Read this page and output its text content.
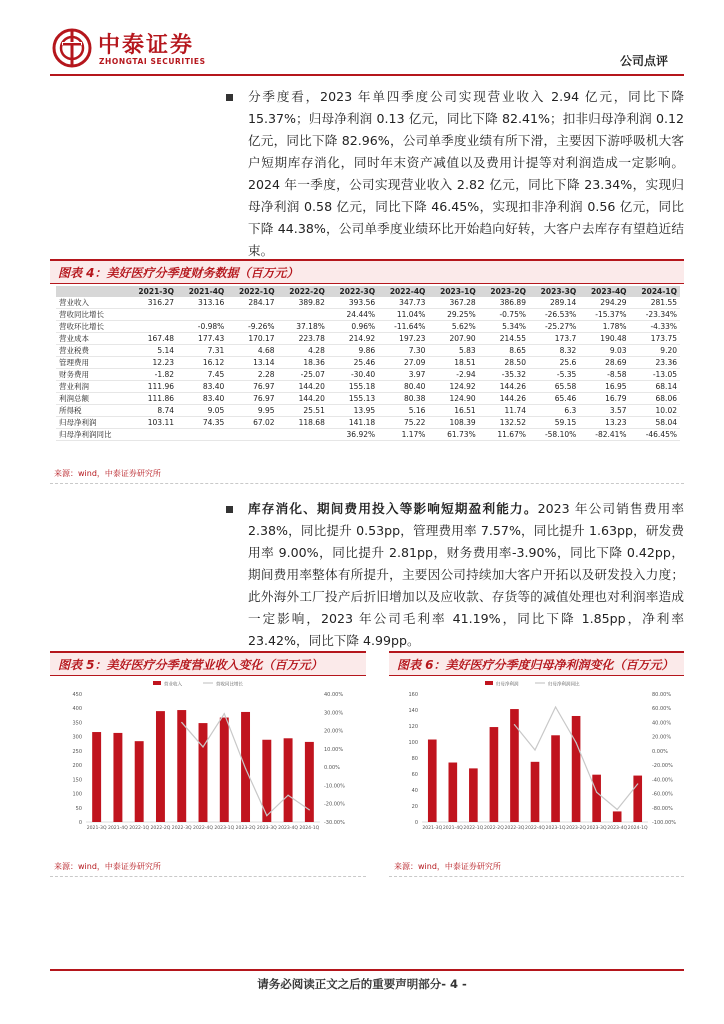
中泰证券
ZHONGTAI SECURITIES	公司点评
分季度看，2023 年单四季度公司实现营业收入 2.94 亿元，同比下降 15.37%；归母净利润 0.13 亿元，同比下降 82.41%；扣非归母净利润 0.12 亿元，同比下降 82.96%，公司单季度业绩有所下滑，主要因下游呼吸机大客户短期库存消化，同时年末资产减值以及费用计提等对利润造成一定影响。2024 年一季度，公司实现营业收入 2.82 亿元，同比下降 23.34%，实现归母净利润 0.58 亿元，同比下降 46.45%，实现扣非净利润 0.56 亿元，同比下降 44.38%，公司单季度业绩环比开始趋向好转，大客户去库存有望趋近结束。
图表 4：美好医疗分季度财务数据（百万元）
	2021-3Q	2021-4Q	2022-1Q	2022-2Q	2022-3Q	2022-4Q	2023-1Q	2023-2Q	2023-3Q	2023-4Q	2024-1Q
营业收入	316.27	313.16	284.17	389.82	393.56	347.73	367.28	386.89	289.14	294.29	281.55
营收同比增长					24.44%	11.04%	29.25%	-0.75%	-26.53%	-15.37%	-23.34%
营收环比增长		-0.98%	-9.26%	37.18%	0.96%	-11.64%	5.62%	5.34%	-25.27%	1.78%	-4.33%
营业成本	167.48	177.43	170.17	223.78	214.92	197.23	207.90	214.55	173.7	190.48	173.75
营业税费	5.14	7.31	4.68	4.28	9.86	7.30	5.83	8.65	8.32	9.03	9.20
管理费用	12.23	16.12	13.14	18.36	25.46	27.09	18.51	28.50	25.6	28.69	23.36
财务费用	-1.82	7.45	2.28	-25.07	-30.40	3.97	-2.94	-35.32	-5.35	-8.58	-13.05
营业利润	111.96	83.40	76.97	144.20	155.18	80.40	124.92	144.26	65.58	16.95	68.14
利润总额	111.86	83.40	76.97	144.20	155.13	80.38	124.90	144.26	65.46	16.79	68.06
所得税	8.74	9.05	9.95	25.51	13.95	5.16	16.51	11.74	6.3	3.57	10.02
归母净利润	103.11	74.35	67.02	118.68	141.18	75.22	108.39	132.52	59.15	13.23	58.04
归母净利润同比					36.92%	1.17%	61.73%	11.67%	-58.10%	-82.41%	-46.45%
来源：wind，中泰证券研究所
库存消化、期间费用投入等影响短期盈利能力。2023 年公司销售费用率 2.38%，同比提升 0.53pp，管理费用率 7.57%，同比提升 1.63pp，研发费用率 9.00%，同比提升 2.81pp，财务费用率-3.90%，同比下降 0.42pp，期间费用率整体有所提升，主要因公司持续加大客户开拓以及研发投入力度；此外海外工厂投产后折旧增加以及应收款、存货等的减值处理也对利润率造成一定影响，2023 年公司毛利率 41.19%，同比下降 1.85pp，净利率 23.42%，同比下降 4.99pp。
图表 5：美好医疗分季度营业收入变化（百万元）
营业收入	营收同比增长
0
50
100
150
200
250
300
350
400
450
-30.00%
-20.00%
-10.00%
0.00%
10.00%
20.00%
30.00%
40.00%
2021-3Q 2021-4Q 2022-1Q 2022-2Q 2022-3Q 2022-4Q 2023-1Q 2023-2Q 2023-3Q 2023-4Q 2024-1Q
来源：wind，中泰证券研究所
图表 6：美好医疗分季度归母净利润变化（百万元）
归母净利润	归母净利润同比
0
20
40
60
80
100
120
140
160
-100.00%
-80.00%
-60.00%
-40.00%
-20.00%
0.00%
20.00%
40.00%
60.00%
80.00%
2021-3Q 2021-4Q 2022-1Q 2022-2Q 2022-3Q 2022-4Q 2023-1Q 2023-2Q 2023-3Q 2023-4Q 2024-1Q
来源：wind，中泰证券研究所
请务必阅读正文之后的重要声明部分- 4 -
